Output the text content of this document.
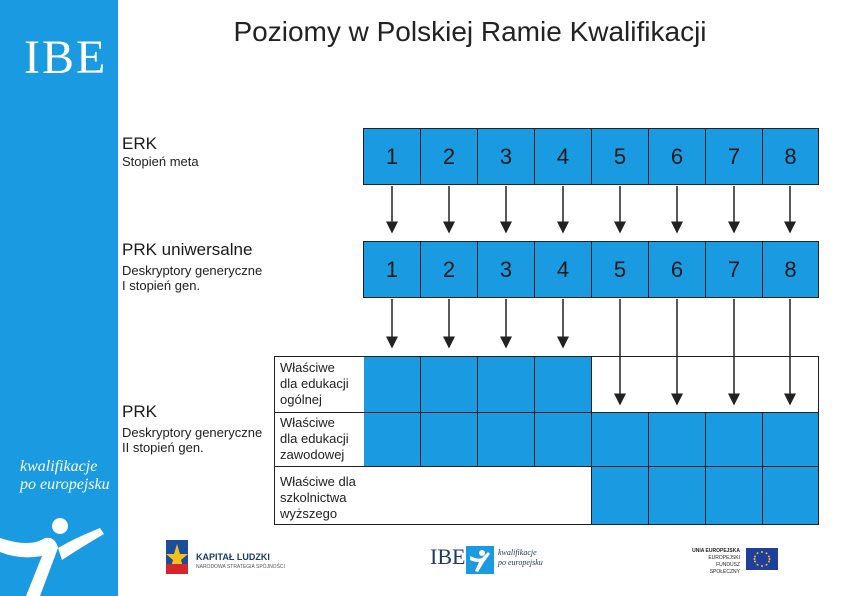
IBE
kwalifikacje
po europejsku
Poziomy w Polskiej Ramie Kwalifikacji
ERK
Stopień meta
PRK uniwersalne
Deskryptory generyczne
I stopień gen.
PRK
Deskryptory generyczne
II stopień gen.
1	2	3	4	5	6	7	8
1	2	3	4	5	6	7	8
Właściwe
dla edukacji
ogólnej
Właściwe
dla edukacji
zawodowej
Właściwe dla
szkolnictwa
wyższego
KAPITAŁ LUDZKI
NARODOWA STRATEGIA SPÓJNOŚCI	IBE	kwalifikacje
po europejsku
UNIA EUROPEJSKA
EUROPEJSKI
FUNDUSZ SPOŁECZNY
